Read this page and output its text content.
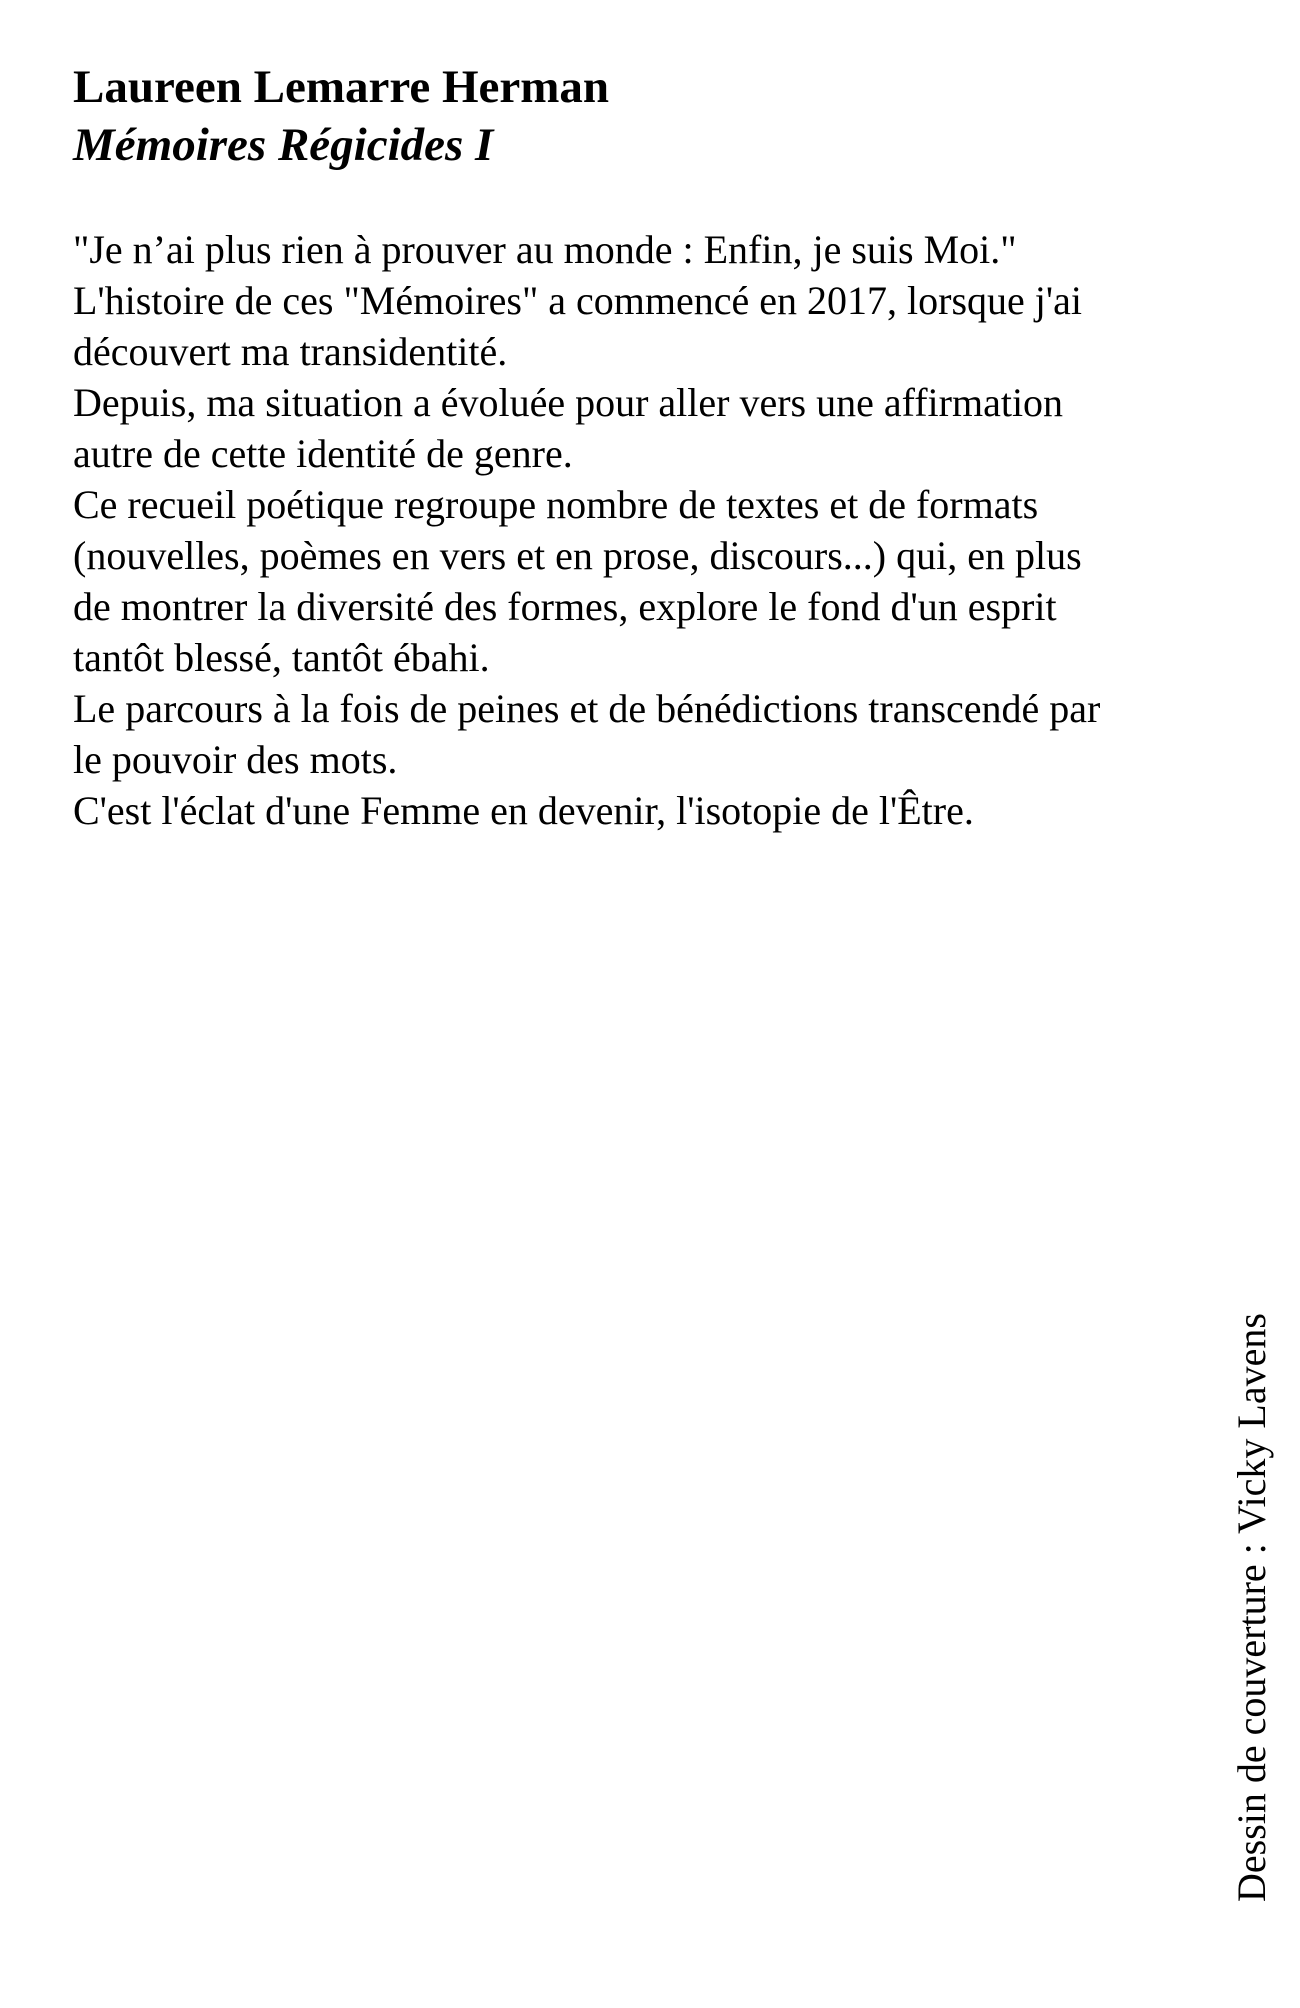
Laureen Lemarre Herman
Mémoires Régicides I

"Je n’ai plus rien à prouver au monde : Enfin, je suis Moi."

L'histoire de ces "Mémoires" a commencé en 2017, lorsque j'ai

découvert ma transidentité.

Depuis, ma situation a évoluée pour aller vers une affirmation

autre de cette identité de genre.

Ce recueil poétique regroupe nombre de textes et de formats

(nouvelles, poèmes en vers et en prose, discours...) qui, en plus

de montrer la diversité des formes, explore le fond d'un esprit

tantôt blessé, tantôt ébahi.

Le parcours à la fois de peines et de bénédictions transcendé par

le pouvoir des mots.

C'est l'éclat d'une Femme en devenir, l'isotopie de l'Être.

Dessin de couverture : Vicky Lavens
